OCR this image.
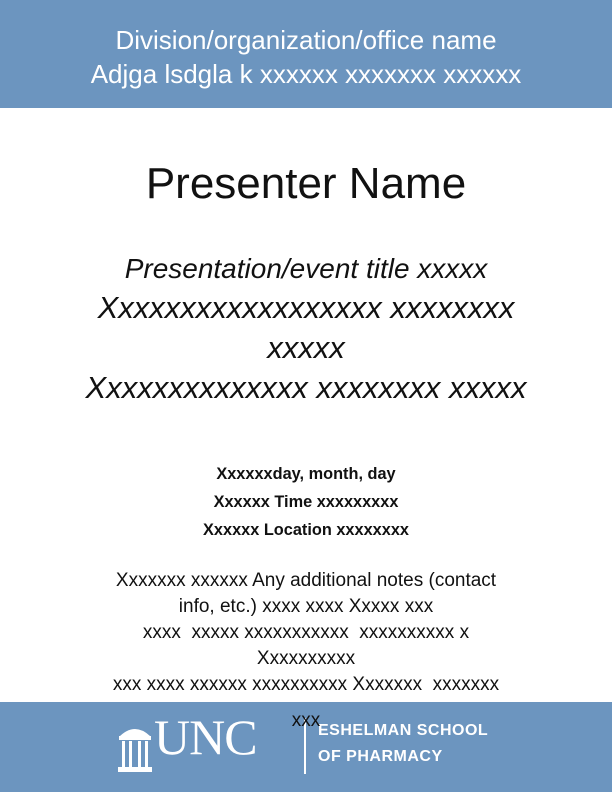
Division/organization/office name
Adjga lsdgla k xxxxxx xxxxxxx xxxxxx
Presenter Name
Presentation/event title xxxxx
Xxxxxxxxxxxxxxxxxx xxxxxxxx
xxxxx
Xxxxxxxxxxxxxx xxxxxxxx xxxxx
Xxxxxxday, month, day
Xxxxxx Time xxxxxxxxx
Xxxxxx Location xxxxxxxx
Xxxxxxx xxxxxx Any additional notes (contact
info, etc.) xxxx xxxx Xxxxx xxx
xxxx  xxxxx xxxxxxxxxxx  xxxxxxxxxx x
Xxxxxxxxxx
xxx xxxx xxxxxx xxxxxxxxxx Xxxxxxx  xxxxxxx
UNC	ESHELMAN SCHOOL
OF PHARMACY
xxx
